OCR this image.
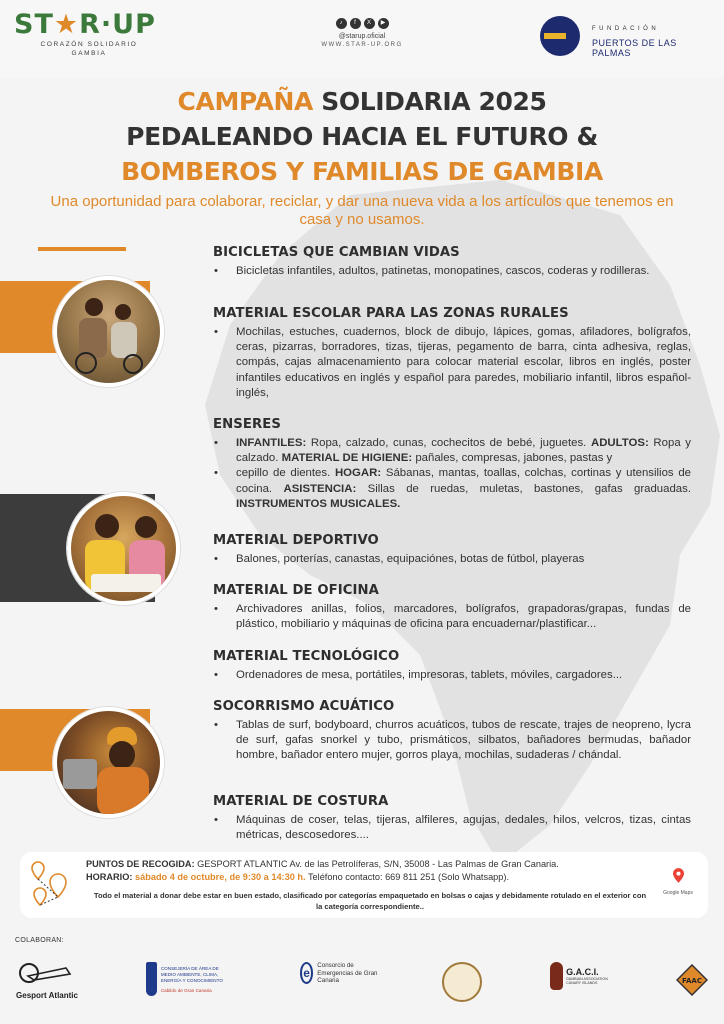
ST★R·UP
CORAZÓN SOLIDARIO
GAMBIA
♪	f	X	▶
@starup.oficial
WWW.STAR-UP.ORG
FUNDACIÓN
PUERTOS DE LAS PALMAS
CAMPAÑA SOLIDARIA 2025
PEDALEANDO HACIA EL FUTURO &
BOMBEROS Y FAMILIAS DE GAMBIA
Una oportunidad para colaborar, reciclar, y dar una nueva vida a los artículos que tenemos en casa y no usamos.
BICICLETAS QUE CAMBIAN VIDAS
• Bicicletas infantiles, adultos, patinetas, monopatines, cascos, coderas y rodilleras.
MATERIAL ESCOLAR PARA LAS ZONAS RURALES
• Mochilas, estuches, cuadernos, block de dibujo, lápices, gomas, afiladores, bolígrafos, ceras, pizarras, borradores, tizas, tijeras, pegamento de barra, cinta adhesiva, reglas, compás, cajas almacenamiento para colocar material escolar, libros en inglés, poster infantiles educativos en inglés y español para paredes, mobiliario infantil, libros español-inglés,
ENSERES
• INFANTILES: Ropa, calzado, cunas, cochecitos de bebé, juguetes. ADULTOS: Ropa y calzado. MATERIAL DE HIGIENE: pañales, compresas, jabones, pastas y
• cepillo de dientes. HOGAR: Sábanas, mantas, toallas, colchas, cortinas y utensilios de cocina. ASISTENCIA: Sillas de ruedas, muletas, bastones, gafas graduadas. INSTRUMENTOS MUSICALES.
MATERIAL DEPORTIVO
• Balones, porterías, canastas, equipaciónes, botas de fútbol, playeras
MATERIAL DE OFICINA
• Archivadores anillas, folios, marcadores, bolígrafos, grapadoras/grapas, fundas de plástico, mobiliario y máquinas de oficina para encuadernar/plastificar...
MATERIAL TECNOLÓGICO
• Ordenadores de mesa, portátiles, impresoras, tablets, móviles, cargadores...
SOCORRISMO ACUÁTICO
• Tablas de surf, bodyboard, churros acuáticos, tubos de rescate, trajes de neopreno, lycra de surf, gafas snorkel y tubo, prismáticos, silbatos, bañadores bermudas, bañador hombre, bañador entero mujer, gorros playa, mochilas, sudaderas / chándal.
MATERIAL DE COSTURA
• Máquinas de coser, telas, tijeras, alfileres, agujas, dedales, hilos, velcros, tizas, cintas métricas, descosedores....
PUNTOS DE RECOGIDA: GESPORT ATLANTIC Av. de las Petrolíferas, S/N, 35008 - Las Palmas de Gran Canaria.
HORARIO: sábado 4 de octubre, de 9:30 a 14:30 h. Teléfono contacto: 669 811 251 (Solo Whatsapp).
Todo el material a donar debe estar en buen estado, clasificado por categorías empaquetado en bolsas o cajas y debidamente rotulado en el exterior con la categoría correspondiente..
Google Maps
COLABORAN:
Gesport Atlantic
CONSEJERÍA DE ÁREA DE MEDIO AMBIENTE, CLIMA, ENERGÍA Y CONOCIMIENTO
Cabildo de Gran Canaria
e
Consorcio de Emergencias de Gran Canaria
G.A.C.I.
GAMBIAN ASSOCIATION CANARY ISLANDS	FAAC
